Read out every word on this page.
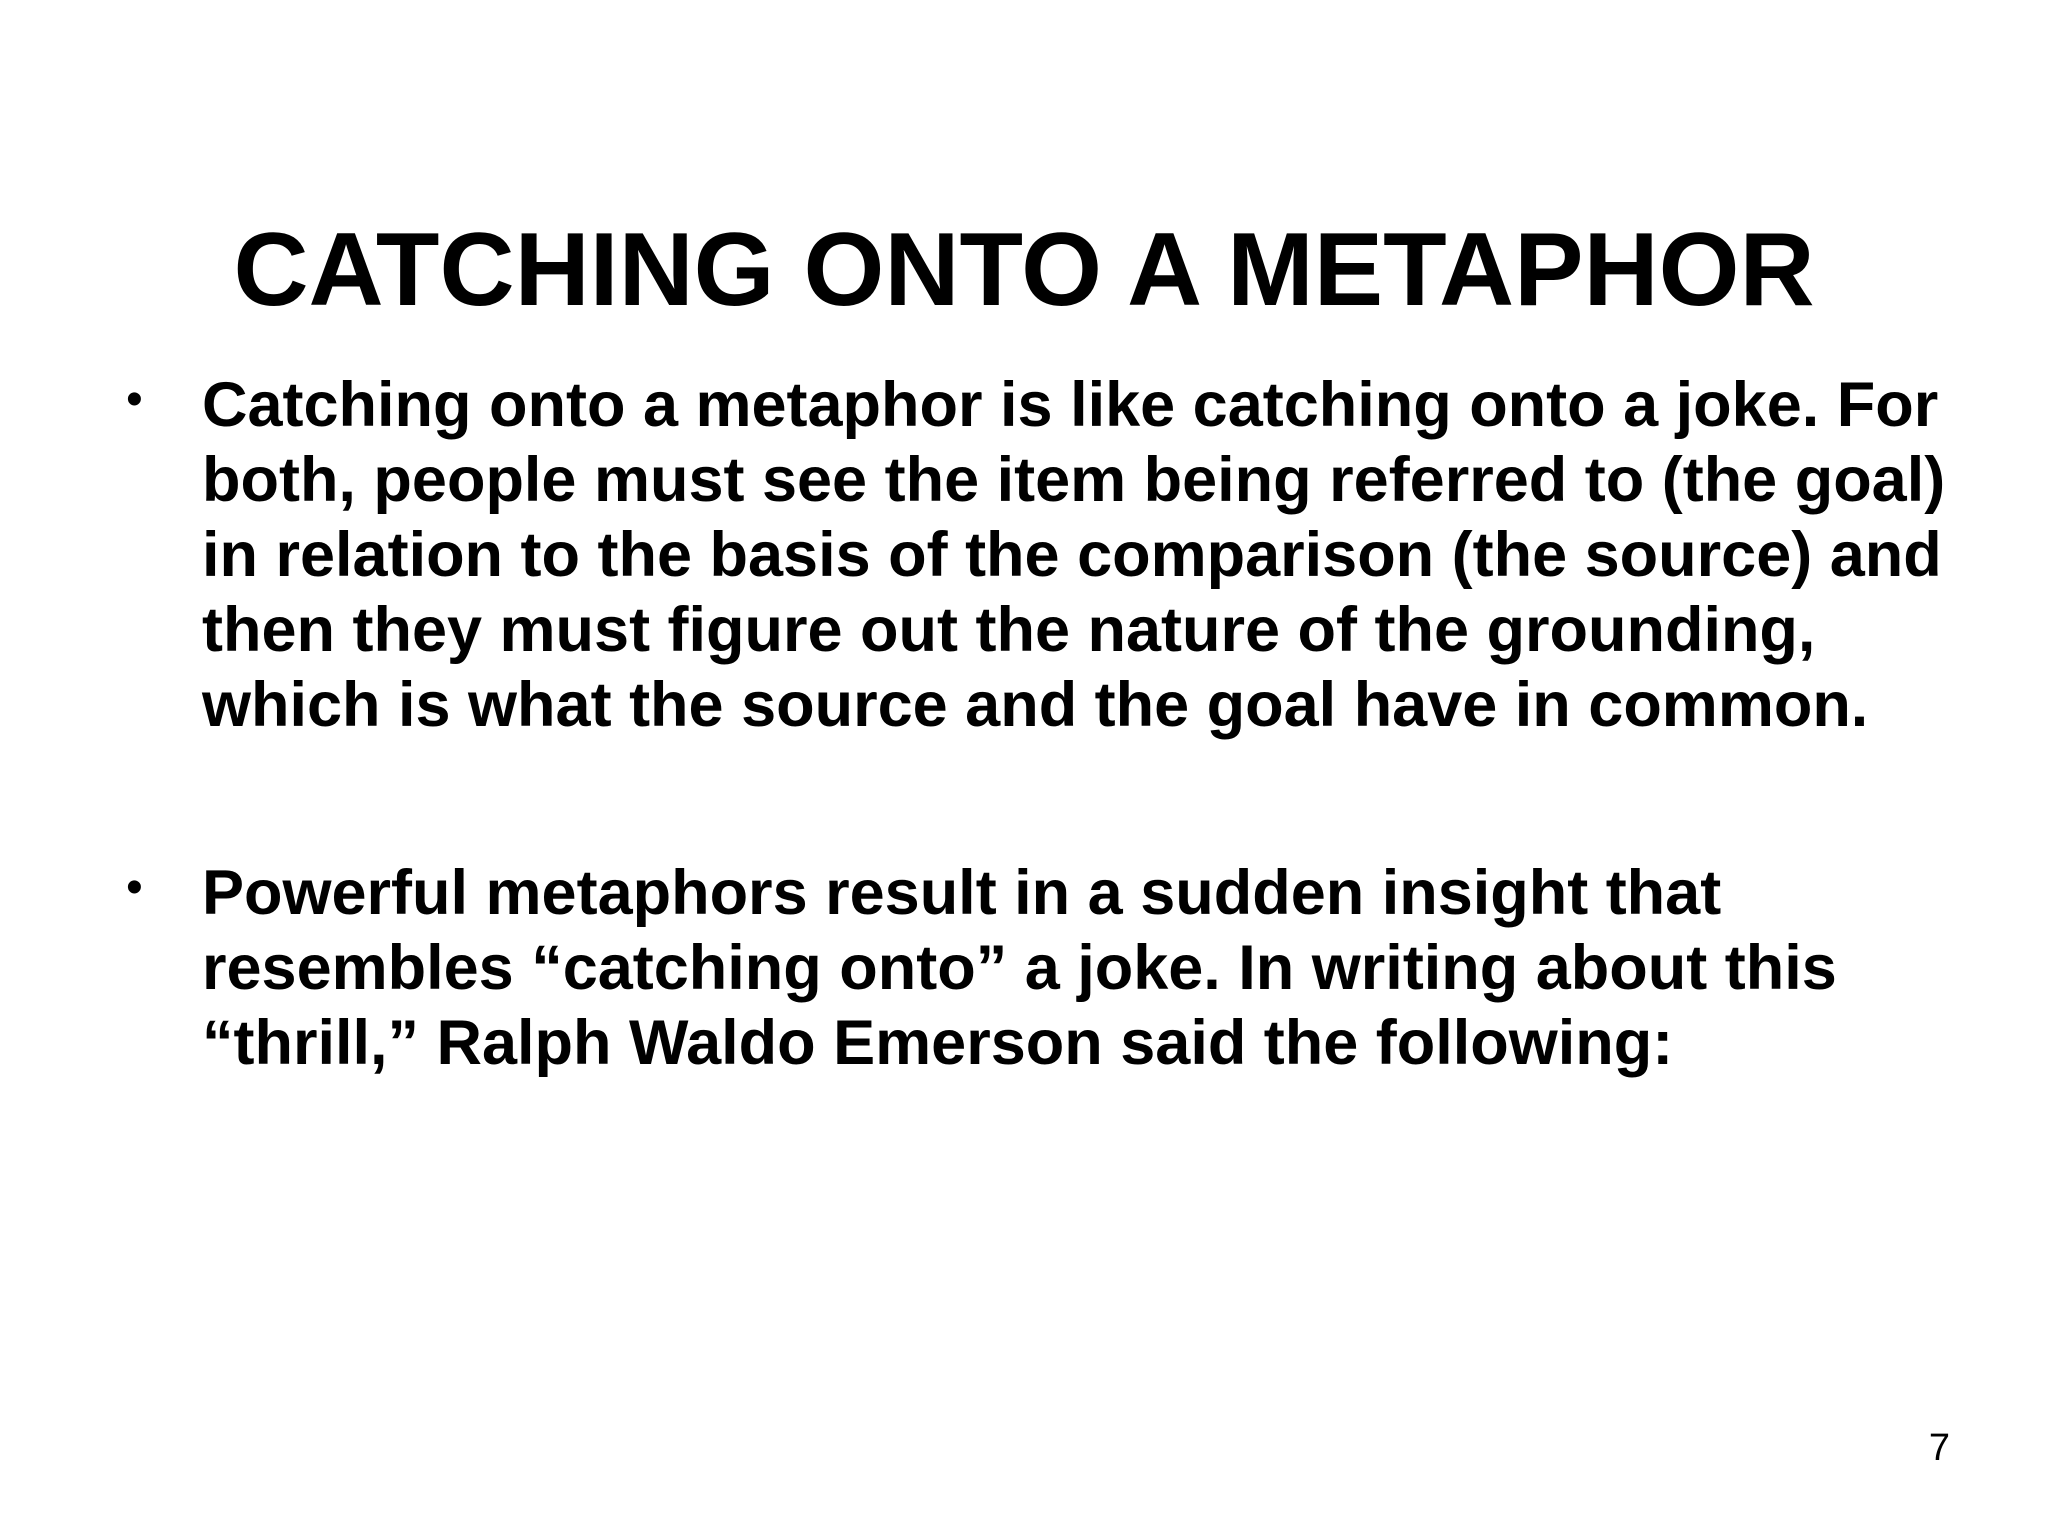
CATCHING ONTO A METAPHOR
• Catching onto a metaphor is like catching onto a joke. For both, people must see the item being referred to (the goal) in relation to the basis of the comparison (the source) and then they must figure out the nature of the grounding, which is what the source and the goal have in common.
• Powerful metaphors result in a sudden insight that resembles “catching onto” a joke. In writing about this “thrill,” Ralph Waldo Emerson said the following:
7
